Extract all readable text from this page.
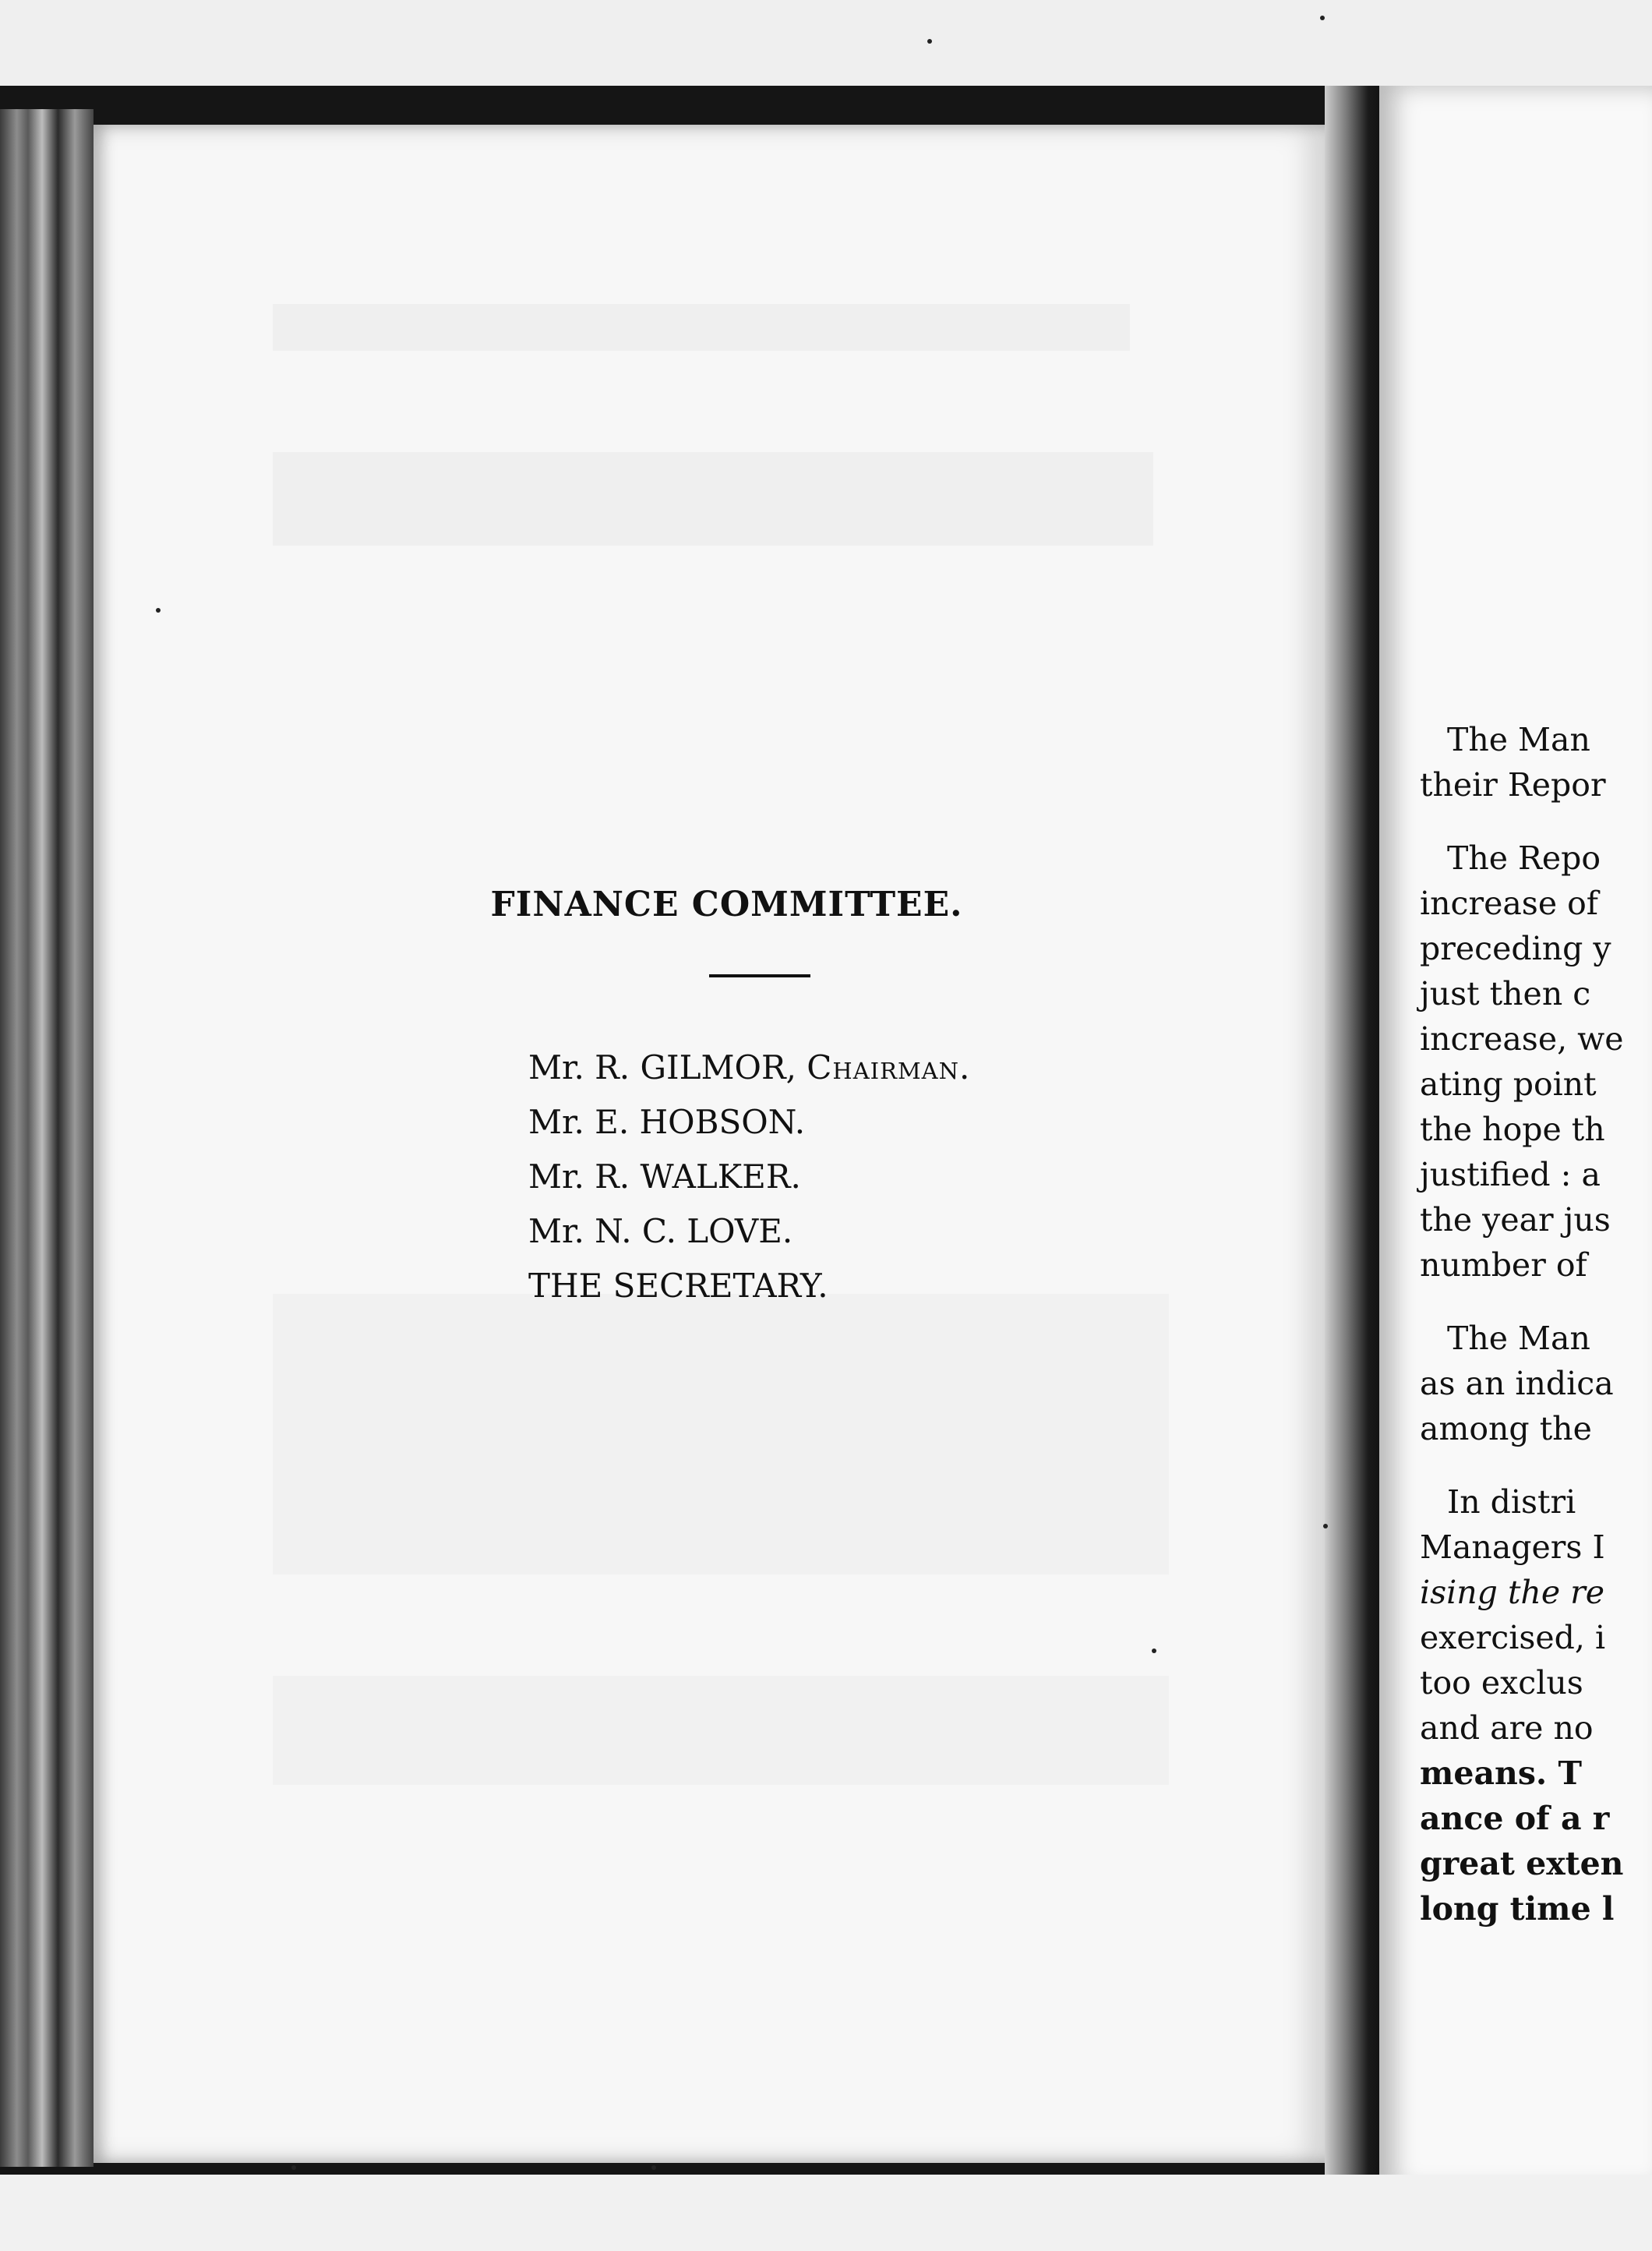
FINANCE COMMITTEE.
Mr. R. GILMOR, Chairman.
Mr. E. HOBSON.
Mr. R. WALKER.
Mr. N. C. LOVE.
THE SECRETARY.
The Man
their Repor
The Repo
increase of
preceding y
just then c
increase, we
ating point
the hope th
justified : a
the year jus
number of
The Man
as an indica
among the
In distri
Managers I
ising the re
exercised, i
too exclus
and are no
means. T
ance of a r
great exten
long time l
